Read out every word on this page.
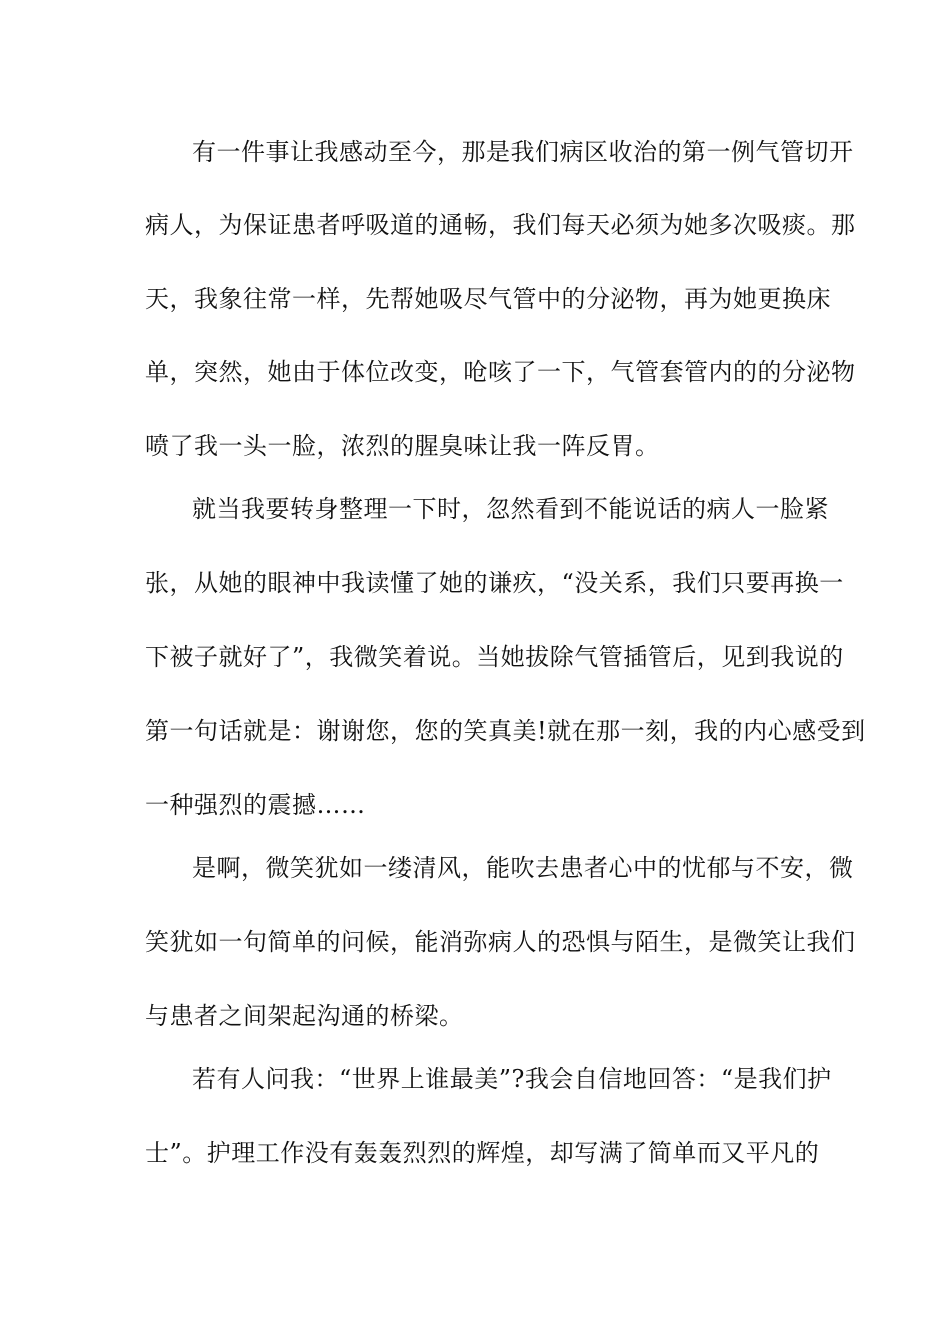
有一件事让我感动至今，那是我们病区收治的第一例气管切开
病人，为保证患者呼吸道的通畅，我们每天必须为她多次吸痰。那
天，我象往常一样，先帮她吸尽气管中的分泌物，再为她更换床
单，突然，她由于体位改变，呛咳了一下，气管套管内的的分泌物
喷了我一头一脸，浓烈的腥臭味让我一阵反胃。
就当我要转身整理一下时，忽然看到不能说话的病人一脸紧
张，从她的眼神中我读懂了她的谦疚，“没关系，我们只要再换一
下被子就好了”，我微笑着说。当她拔除气管插管后，见到我说的
第一句话就是：谢谢您，您的笑真美!就在那一刻，我的内心感受到
一种强烈的震撼……
是啊，微笑犹如一缕清风，能吹去患者心中的忧郁与不安，微
笑犹如一句简单的问候，能消弥病人的恐惧与陌生，是微笑让我们
与患者之间架起沟通的桥梁。
若有人问我：“世界上谁最美”?我会自信地回答：“是我们护
士”。护理工作没有轰轰烈烈的辉煌，却写满了简单而又平凡的
